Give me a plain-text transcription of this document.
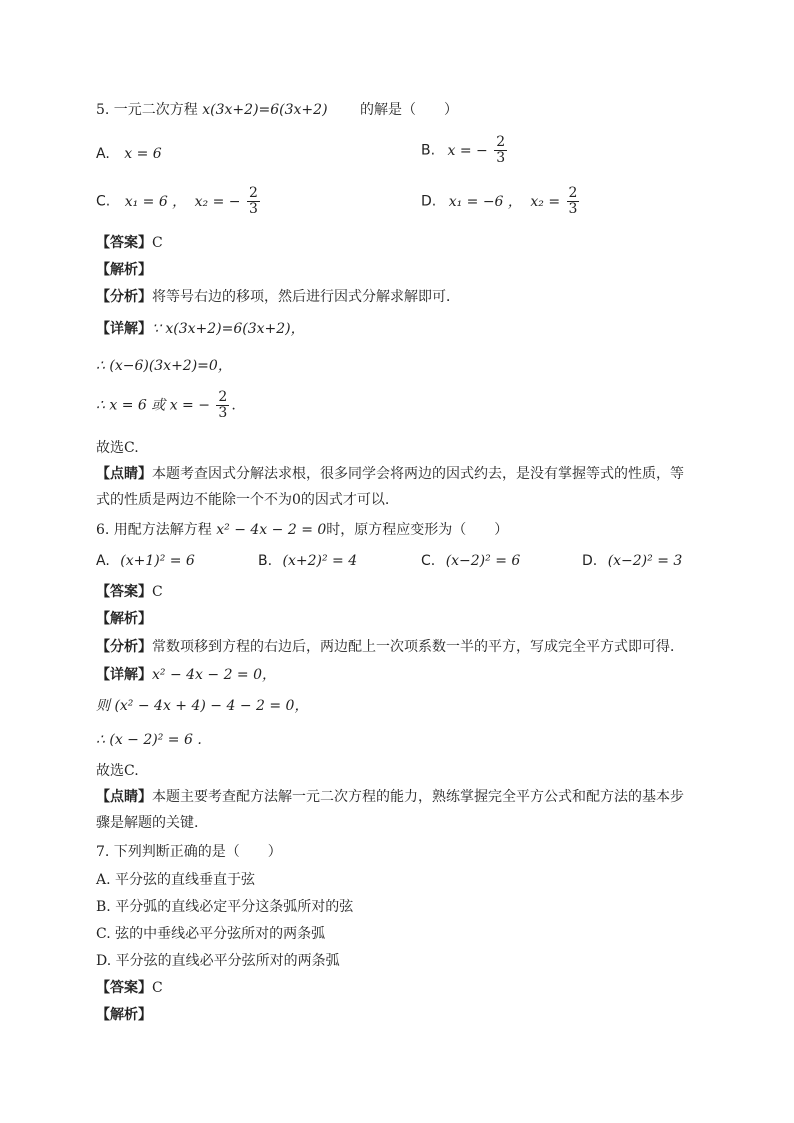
5. 一元二次方程 x(3x+2)=6(3x+2) 的解是（　　）
A. x = 6	B. x = − $\frac{2}{3}$
C. x₁ = 6 ， x₂ = − $\frac{2}{3}$	D. x₁ = −6 ， $x_2 = \frac{2}{3}$
【答案】C
【解析】
【分析】将等号右边的移项，然后进行因式分解求解即可．
【详解】∵ x(3x+2)=6(3x+2)，
∴ (x−6)(3x+2)=0，
∴ x = 6 或 x = − $\frac{2}{3}$ .
故选C.
【点睛】本题考查因式分解法求根，很多同学会将两边的因式约去，是没有掌握等式的性质，等
式的性质是两边不能除一个不为0的因式才可以.
6. 用配方法解方程 x² − 4x − 2 = 0时，原方程应变形为（　　）
A. (x+1)² = 6	B. (x+2)² = 4	C. (x−2)² = 6	D. (x−2)² = 3
【答案】C
【解析】
【分析】常数项移到方程的右边后，两边配上一次项系数一半的平方，写成完全平方式即可得．
【详解】x² − 4x − 2 = 0，
则 (x² − 4x + 4) − 4 − 2 = 0，
∴ (x − 2)² = 6 .
故选C.
【点睛】本题主要考查配方法解一元二次方程的能力，熟练掌握完全平方公式和配方法的基本步
骤是解题的关键.
7. 下列判断正确的是（　　）
A. 平分弦的直线垂直于弦
B. 平分弧的直线必定平分这条弧所对的弦
C. 弦的中垂线必平分弦所对的两条弧
D. 平分弦的直线必平分弦所对的两条弧
【答案】C
【解析】
